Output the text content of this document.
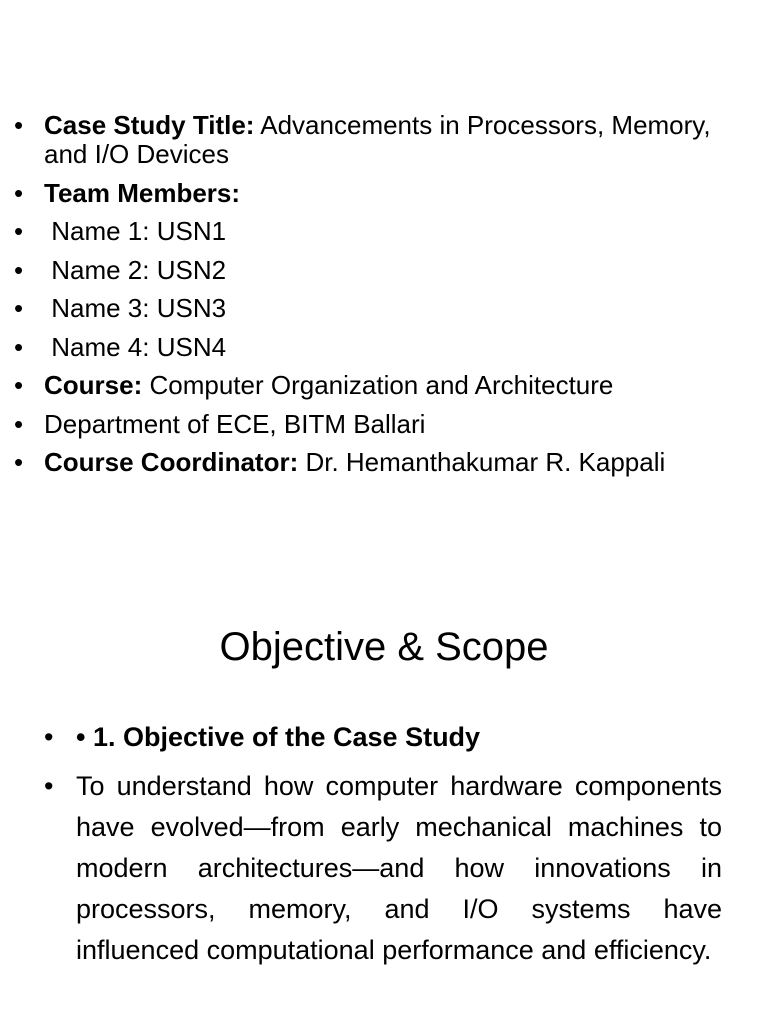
• Case Study Title: Advancements in Processors, Memory, and I/O Devices
• Team Members:
• Name 1: USN1
• Name 2: USN2
• Name 3: USN3
• Name 4: USN4
• Course: Computer Organization and Architecture
• Department of ECE, BITM Ballari
• Course Coordinator: Dr. Hemanthakumar R. Kappali
Objective & Scope
• • 1. Objective of the Case Study
• To understand how computer hardware components have evolved—from early mechanical machines to modern architectures—and how innovations in processors, memory, and I/O systems have influenced computational performance and efficiency.
